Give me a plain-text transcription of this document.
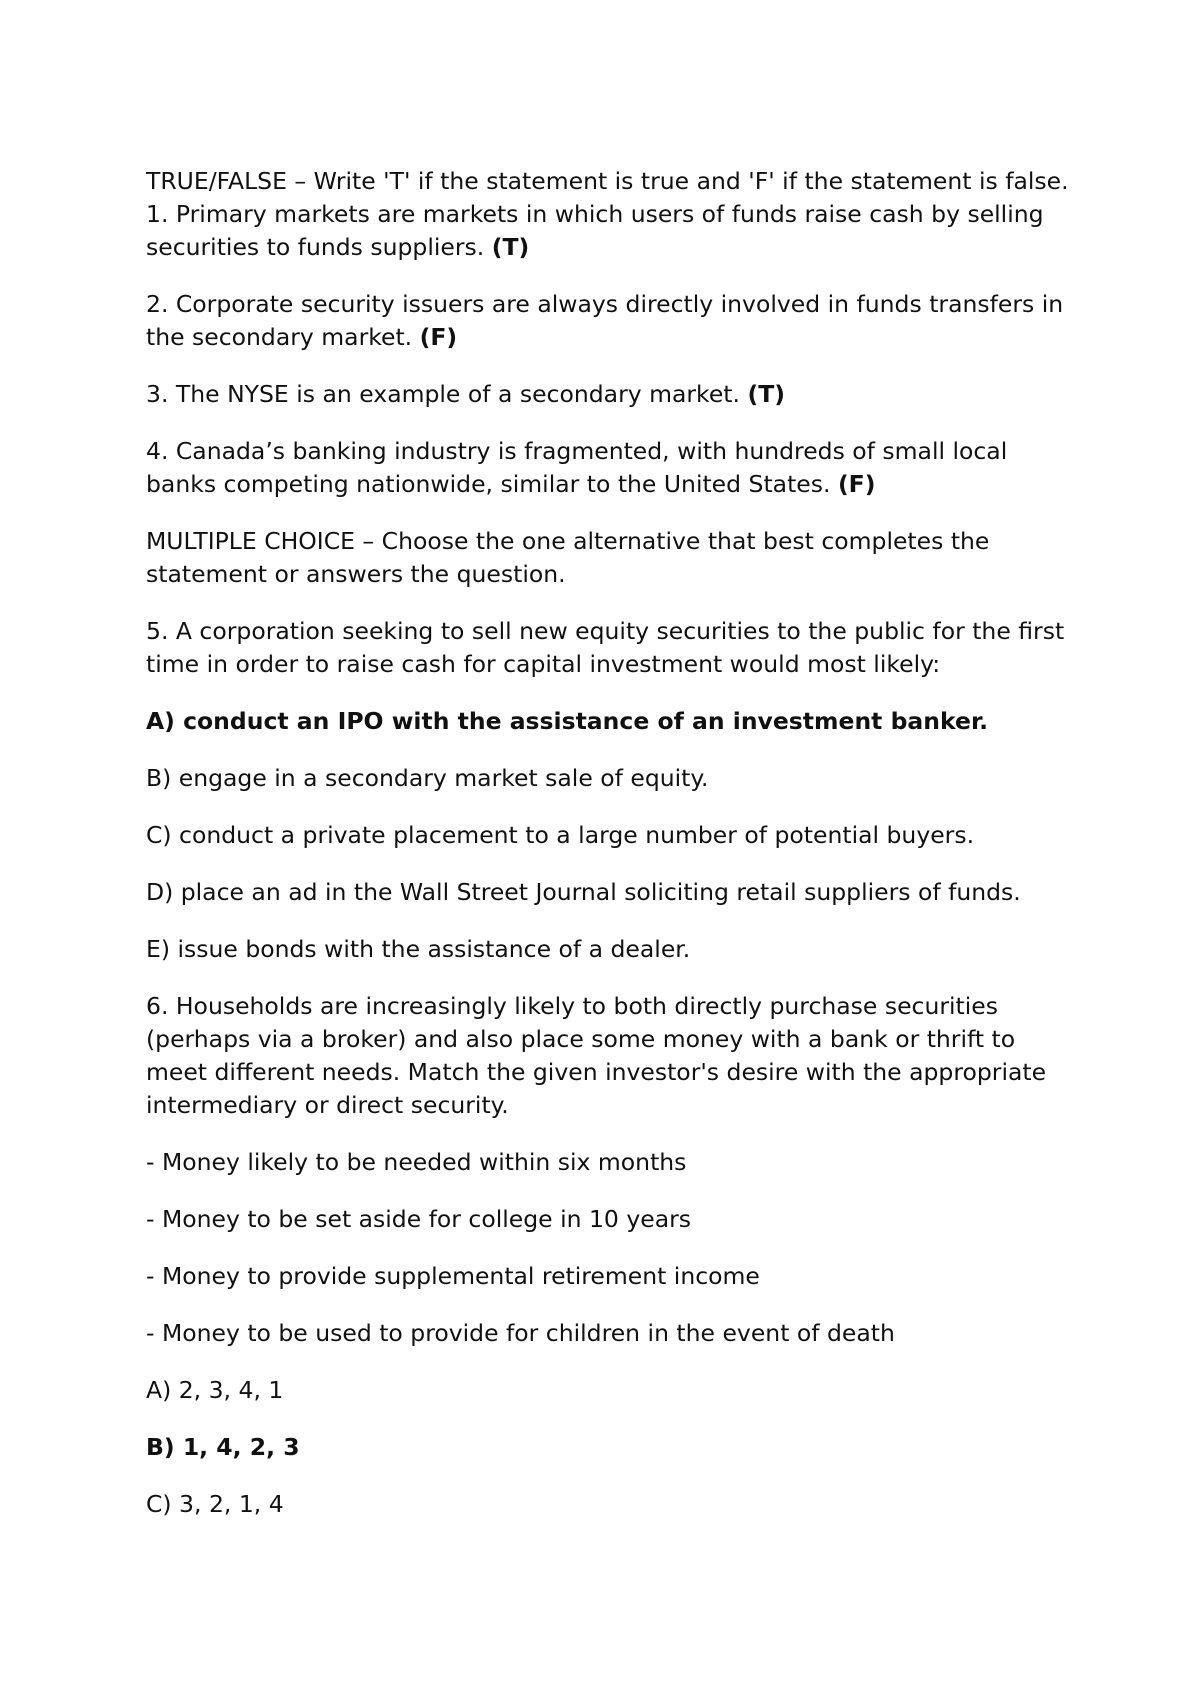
TRUE/FALSE – Write 'T' if the statement is true and 'F' if the statement is false. 1. Primary markets are markets in which users of funds raise cash by selling securities to funds suppliers. (T)

2. Corporate security issuers are always directly involved in funds transfers in the secondary market. (F)

3. The NYSE is an example of a secondary market. (T)

4. Canada’s banking industry is fragmented, with hundreds of small local banks competing nationwide, similar to the United States. (F)

MULTIPLE CHOICE – Choose the one alternative that best completes the statement or answers the question.

5. A corporation seeking to sell new equity securities to the public for the first time in order to raise cash for capital investment would most likely:

A) conduct an IPO with the assistance of an investment banker.

B) engage in a secondary market sale of equity.

C) conduct a private placement to a large number of potential buyers.

D) place an ad in the Wall Street Journal soliciting retail suppliers of funds.

E) issue bonds with the assistance of a dealer.

6. Households are increasingly likely to both directly purchase securities (perhaps via a broker) and also place some money with a bank or thrift to meet different needs. Match the given investor's desire with the appropriate intermediary or direct security.

- Money likely to be needed within six months

- Money to be set aside for college in 10 years

- Money to provide supplemental retirement income

- Money to be used to provide for children in the event of death

A) 2, 3, 4, 1

B) 1, 4, 2, 3

C) 3, 2, 1, 4
